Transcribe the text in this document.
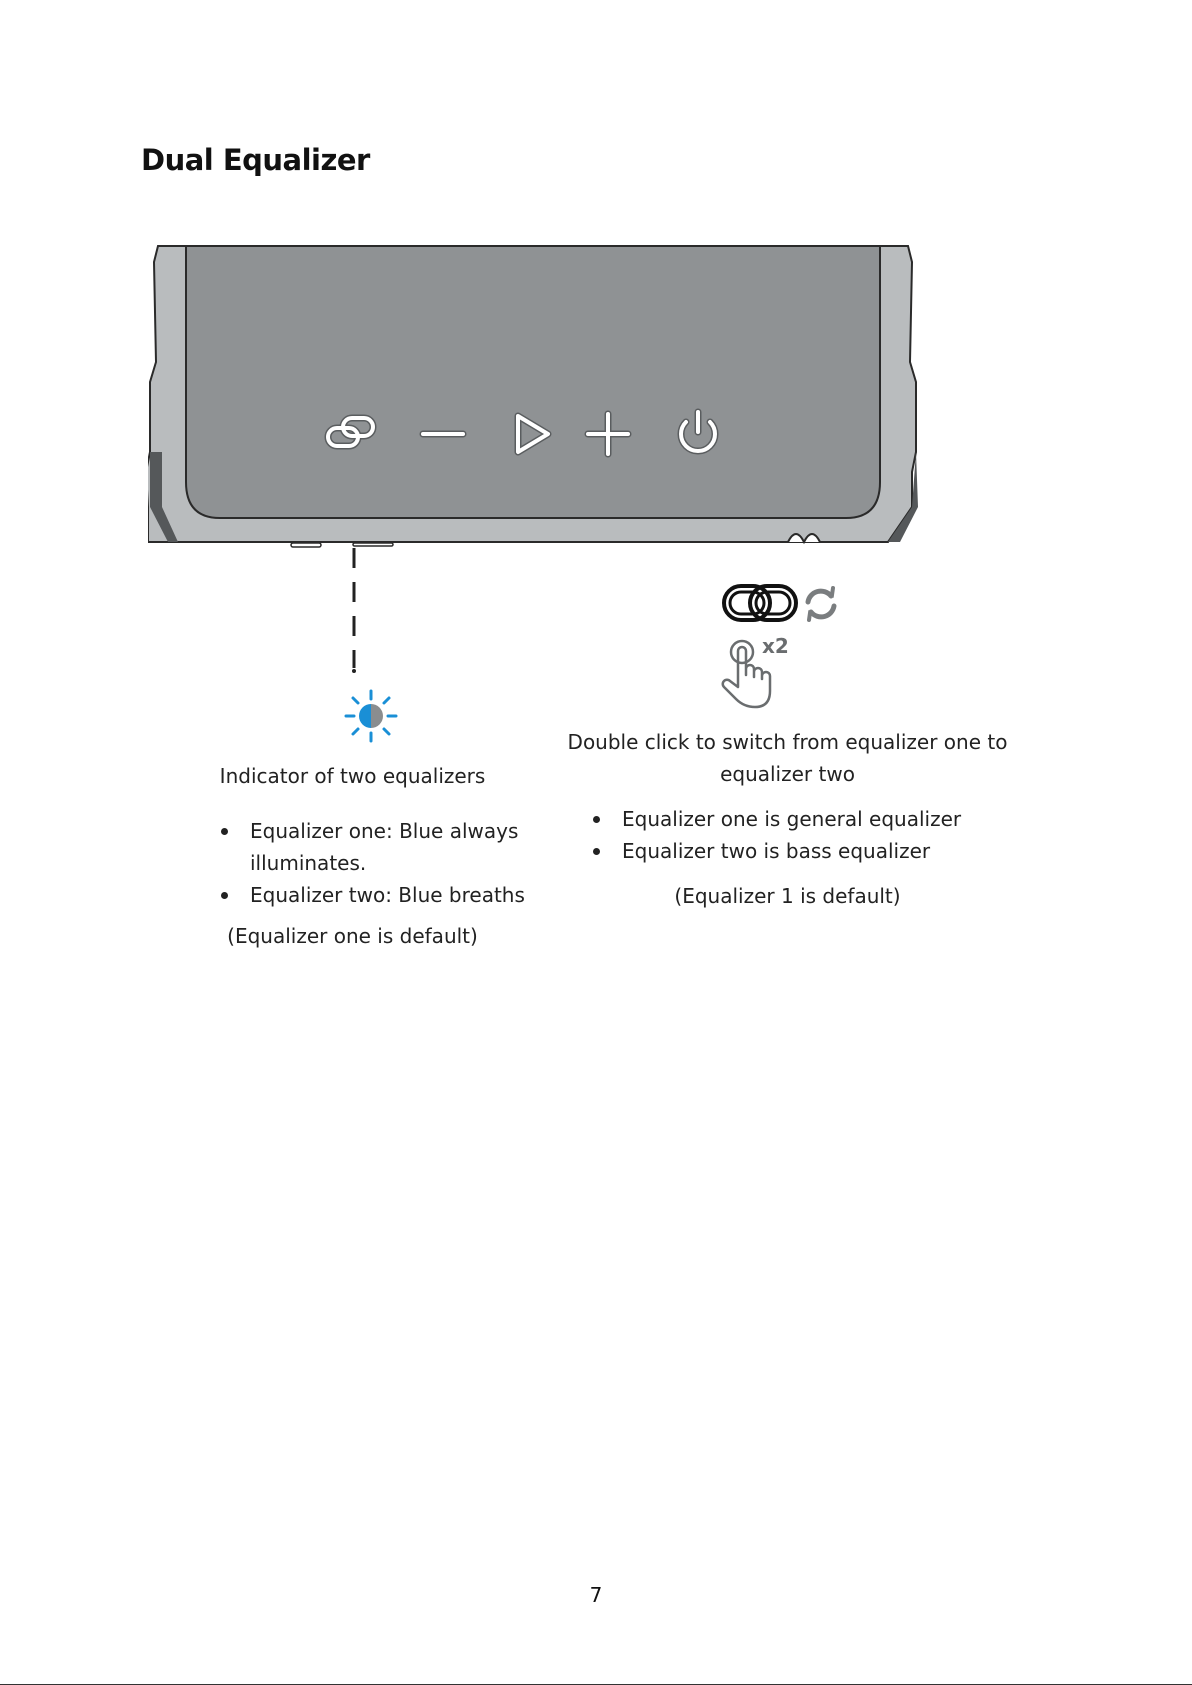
Dual Equalizer
x2
Indicator of two equalizers
Equalizer one: Blue always illuminates.
Equalizer two: Blue breaths
(Equalizer one is default)
Double click to switch from equalizer one to equalizer two
Equalizer one is general equalizer
Equalizer two is bass equalizer
(Equalizer 1 is default)
7
